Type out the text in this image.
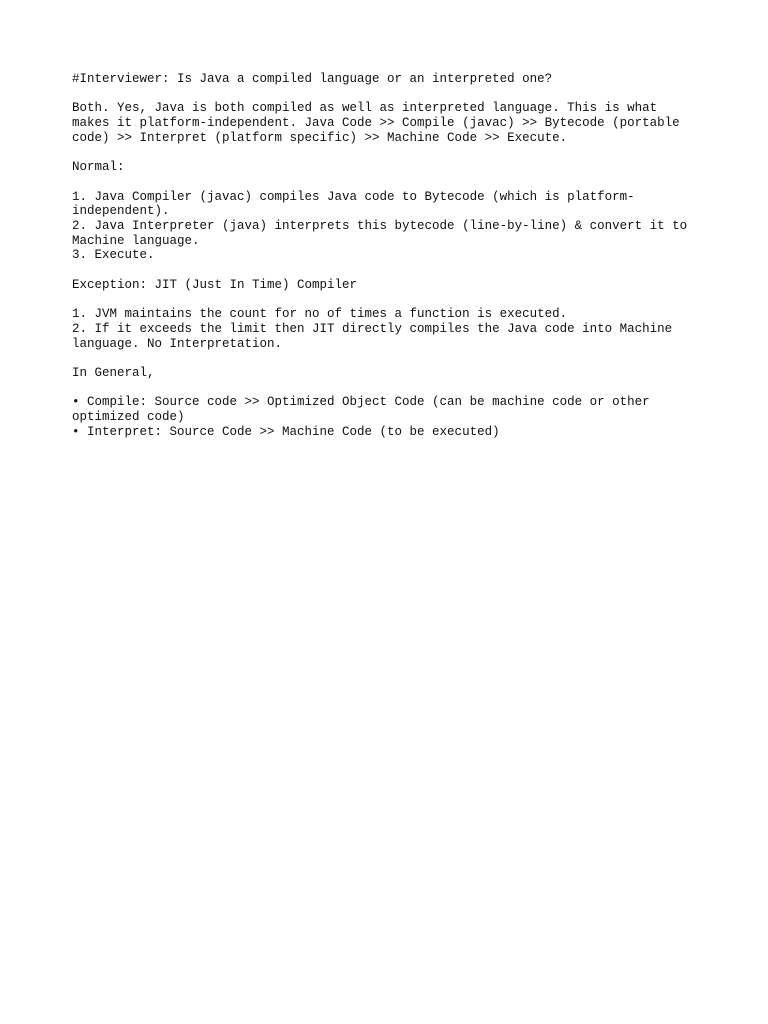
#Interviewer: Is Java a compiled language or an interpreted one?

Both. Yes, Java is both compiled as well as interpreted language. This is what makes it platform-independent. Java Code >> Compile (javac) >> Bytecode (portable code) >> Interpret (platform specific) >> Machine Code >> Execute.

Normal:

1. Java Compiler (javac) compiles Java code to Bytecode (which is platform-independent).
2. Java Interpreter (java) interprets this bytecode (line-by-line) & convert it to Machine language.
3. Execute.

Exception: JIT (Just In Time) Compiler

1. JVM maintains the count for no of times a function is executed.
2. If it exceeds the limit then JIT directly compiles the Java code into Machine language. No Interpretation.

In General,

• Compile: Source code >> Optimized Object Code (can be machine code or other optimized code)
• Interpret: Source Code >> Machine Code (to be executed)
